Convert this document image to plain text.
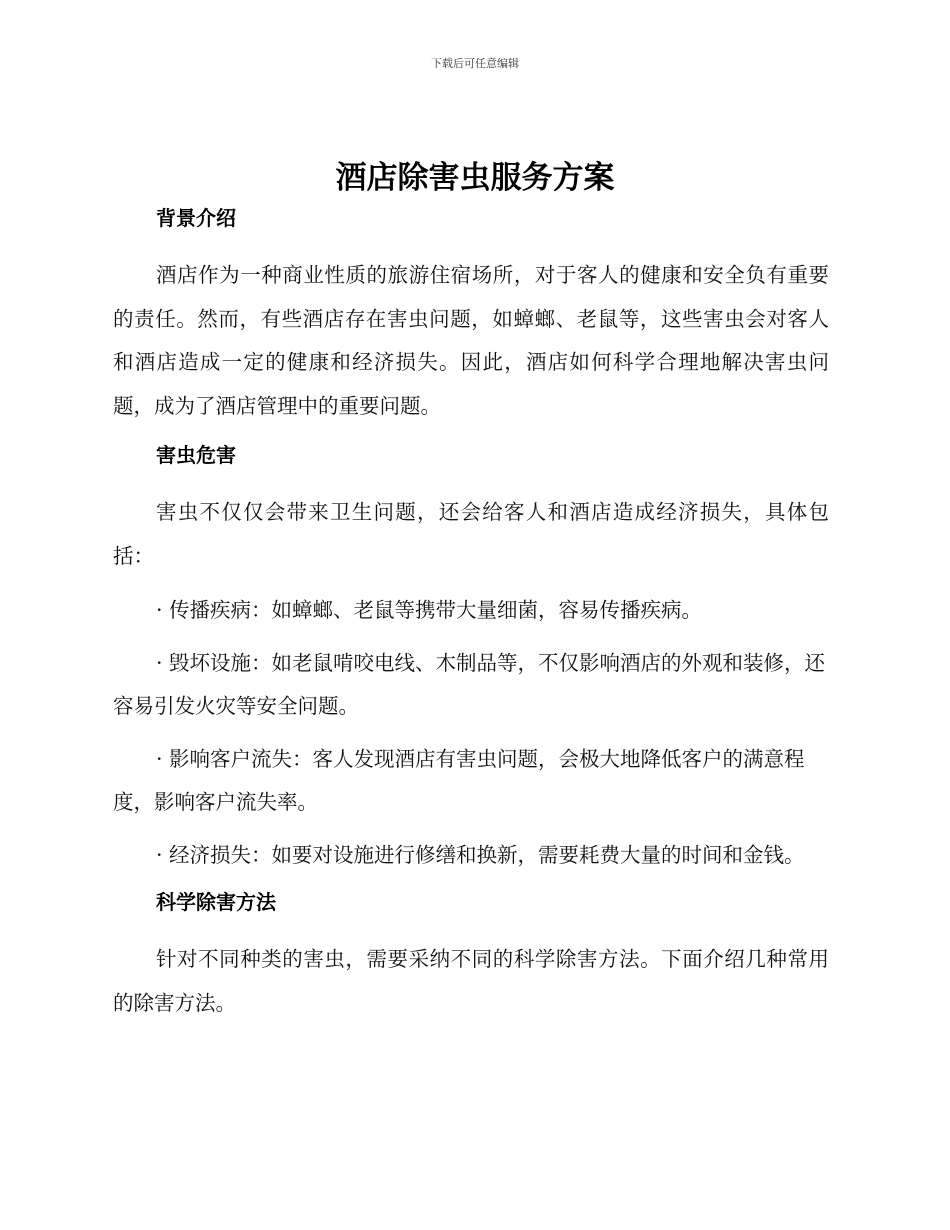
下载后可任意编辑
酒店除害虫服务方案
背景介绍

酒店作为一种商业性质的旅游住宿场所，对于客人的健康和安全负有重要的责任。然而，有些酒店存在害虫问题，如蟑螂、老鼠等，这些害虫会对客人和酒店造成一定的健康和经济损失。因此，酒店如何科学合理地解决害虫问题，成为了酒店管理中的重要问题。

害虫危害

害虫不仅仅会带来卫生问题，还会给客人和酒店造成经济损失，具体包括：

· 传播疾病：如蟑螂、老鼠等携带大量细菌，容易传播疾病。

· 毁坏设施：如老鼠啃咬电线、木制品等，不仅影响酒店的外观和装修，还容易引发火灾等安全问题。

· 影响客户流失：客人发现酒店有害虫问题，会极大地降低客户的满意程度，影响客户流失率。

· 经济损失：如要对设施进行修缮和换新，需要耗费大量的时间和金钱。

科学除害方法

针对不同种类的害虫，需要采纳不同的科学除害方法。下面介绍几种常用的除害方法。
